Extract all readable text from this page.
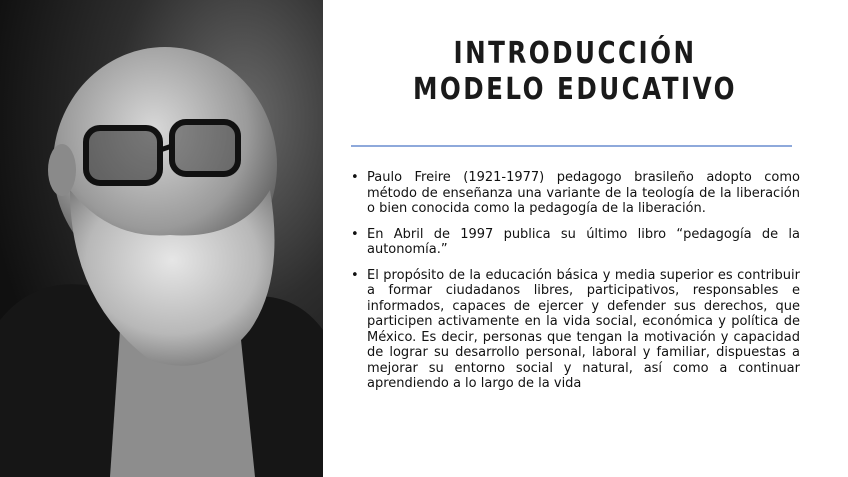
INTRODUCCIÓN
MODELO EDUCATIVO
• Paulo Freire (1921-1977) pedagogo brasileño adopto como método de enseñanza una variante de la teología de la liberación o bien conocida como la pedagogía de la liberación.
• En Abril de 1997 publica su último libro “pedagogía de la autonomía.”
• El propósito de la educación básica y media superior es contribuir a formar ciudadanos libres, participativos, responsables e informados, capaces de ejercer y defender sus derechos, que participen activamente en la vida social, económica y política de México. Es decir, personas que tengan la motivación y capacidad de lograr su desarrollo personal, laboral y familiar, dispuestas a mejorar su entorno social y natural, así como a continuar aprendiendo a lo largo de la vida
